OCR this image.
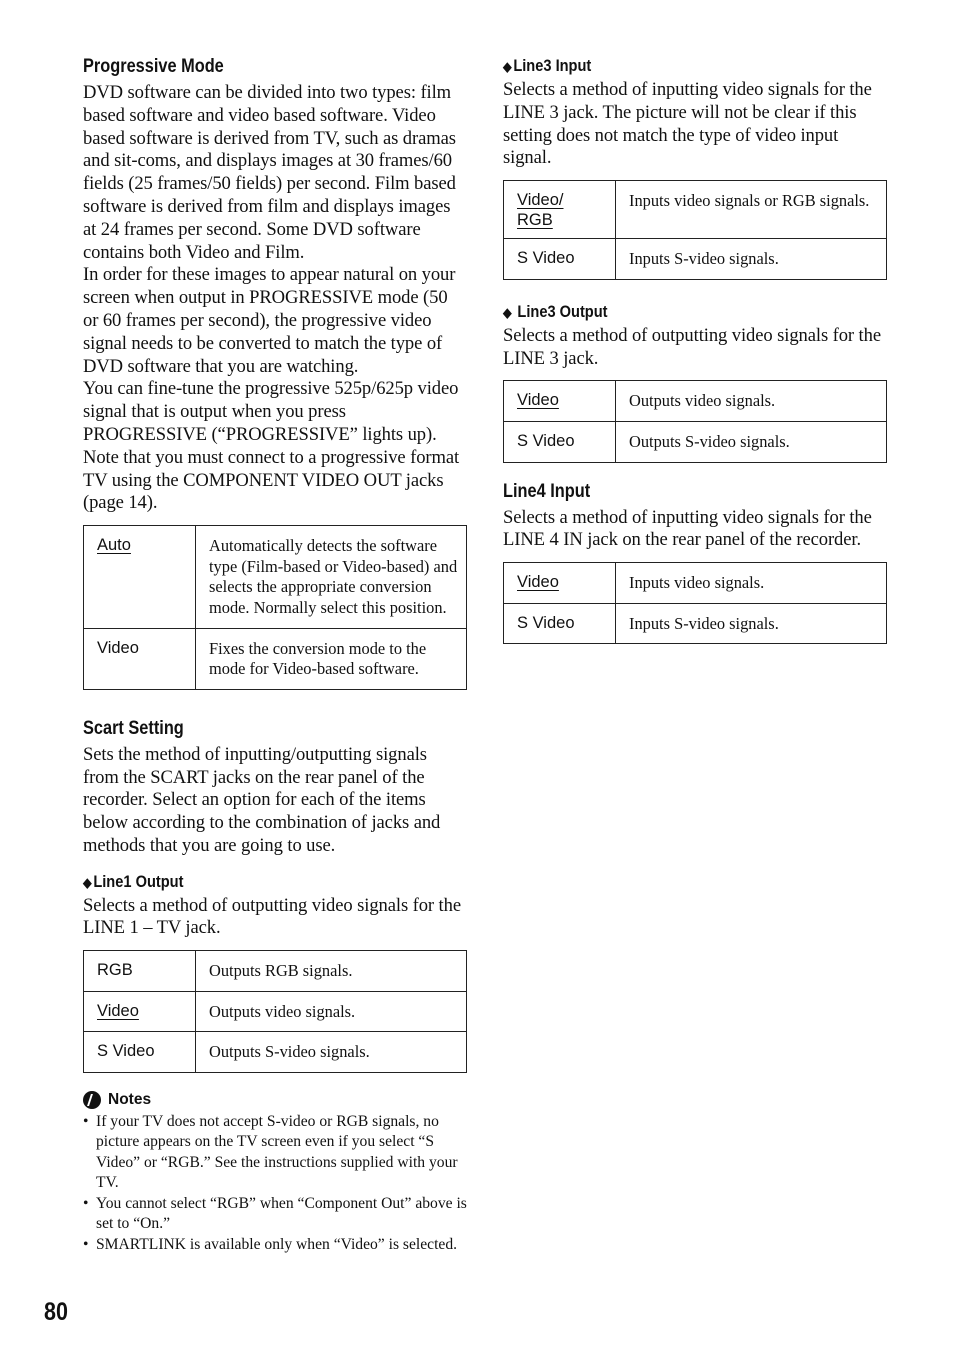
Progressive Mode

DVD software can be divided into two types: film based software and video based software. Video based software is derived from TV, such as dramas and sit-coms, and displays images at 30 frames/60 fields (25 frames/50 fields) per second. Film based software is derived from film and displays images at 24 frames per second. Some DVD software contains both Video and Film.

In order for these images to appear natural on your screen when output in PROGRESSIVE mode (50 or 60 frames per second), the progressive video signal needs to be converted to match the type of DVD software that you are watching.

You can fine-tune the progressive 525p/625p video signal that is output when you press PROGRESSIVE (“PROGRESSIVE” lights up). Note that you must connect to a progressive format TV using the COMPONENT VIDEO OUT jacks (page 14).

Auto	Automatically detects the software type (Film-based or Video-based) and selects the appropriate conversion mode. Normally select this position.
Video	Fixes the conversion mode to the mode for Video-based software.
Scart Setting

Sets the method of inputting/outputting signals from the SCART jacks on the rear panel of the recorder. Select an option for each of the items below according to the combination of jacks and methods that you are going to use.

◆ Line1 Output

Selects a method of outputting video signals for the LINE 1 – TV jack.

RGB	Outputs RGB signals.
Video	Outputs video signals.
S Video	Outputs S-video signals.
Notes
• If your TV does not accept S-video or RGB signals, no picture appears on the TV screen even if you select “S Video” or “RGB.” See the instructions supplied with your TV.
• You cannot select “RGB” when “Component Out” above is set to “On.”
• SMARTLINK is available only when “Video” is selected.
◆ Line3 Input

Selects a method of inputting video signals for the LINE 3 jack. The picture will not be clear if this setting does not match the type of video input signal.

Video/
RGB	Inputs video signals or RGB signals.
S Video	Inputs S-video signals.
◆ Line3 Output

Selects a method of outputting video signals for the LINE 3 jack.

Video	Outputs video signals.
S Video	Outputs S-video signals.
Line4 Input

Selects a method of inputting video signals for the LINE 4 IN jack on the rear panel of the recorder.

Video	Inputs video signals.
S Video	Inputs S-video signals.
80
